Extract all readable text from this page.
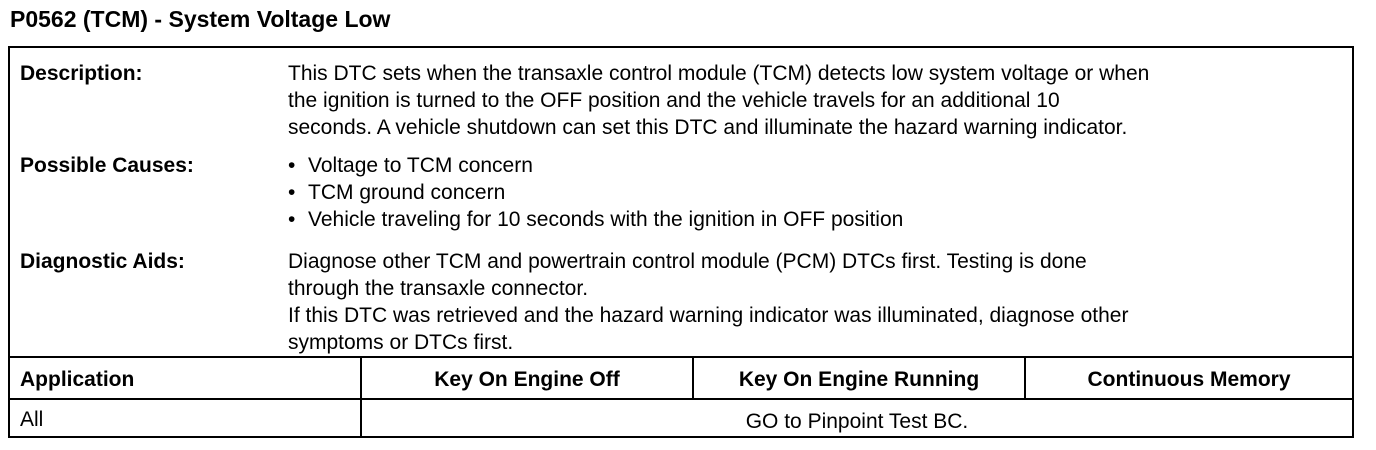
P0562 (TCM) - System Voltage Low
Description:	This DTC sets when the transaxle control module (TCM) detects low system voltage or when
the ignition is turned to the OFF position and the vehicle travels for an additional 10
seconds. A vehicle shutdown can set this DTC and illuminate the hazard warning indicator.
Possible Causes:	• Voltage to TCM concern
• TCM ground concern
• Vehicle traveling for 10 seconds with the ignition in OFF position
Diagnostic Aids:	Diagnose other TCM and powertrain control module (PCM) DTCs first. Testing is done
through the transaxle connector.
If this DTC was retrieved and the hazard warning indicator was illuminated, diagnose other
symptoms or DTCs first.
Application	Key On Engine Off	Key On Engine Running	Continuous Memory
All	GO to Pinpoint Test BC.
